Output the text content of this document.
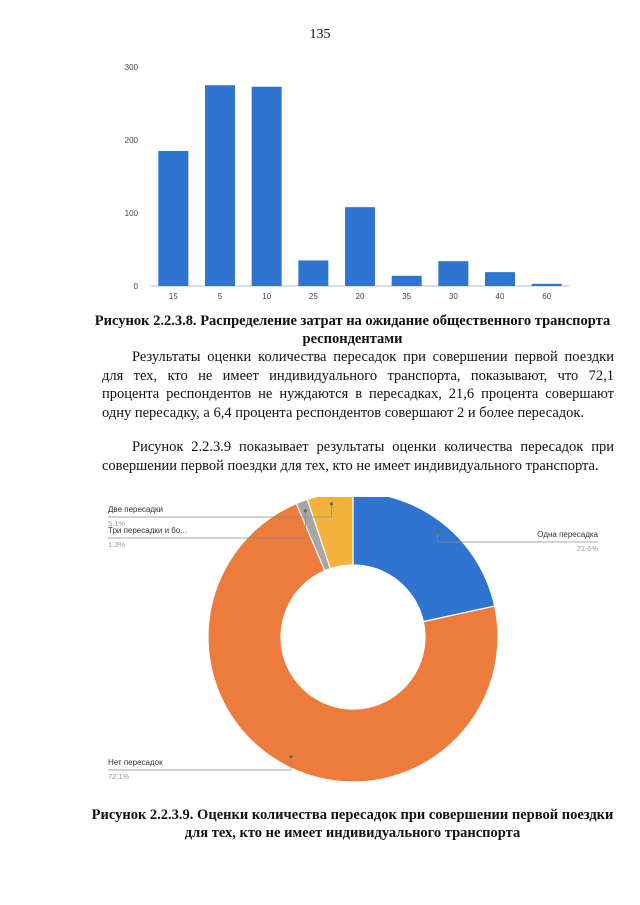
135
0
100
200
300
15	5	10	25	20	35	30	40	60
Рисунок 2.2.3.8. Распределение затрат на ожидание общественного транспорта респондентами

Результаты оценки количества пересадок при совершении первой поездки для тех, кто не имеет индивидуального транспорта, показывают, что 72,1 процента респондентов не нуждаются в пересадках, 21,6 процента совершают одну пересадку, а 6,4 процента респондентов совершают 2 и более пересадок.

Рисунок 2.2.3.9 показывает результаты оценки количества пересадок при совершении первой поездки для тех, кто не имеет индивидуального транспорта.

Одна пересадка
21.6%
Нет пересадок
72.1%
Три пересадки и бо...
1.3%
Две пересадки
5.1%
Рисунок 2.2.3.9. Оценки количества пересадок при совершении первой поездки для тех, кто не имеет индивидуального транспорта
